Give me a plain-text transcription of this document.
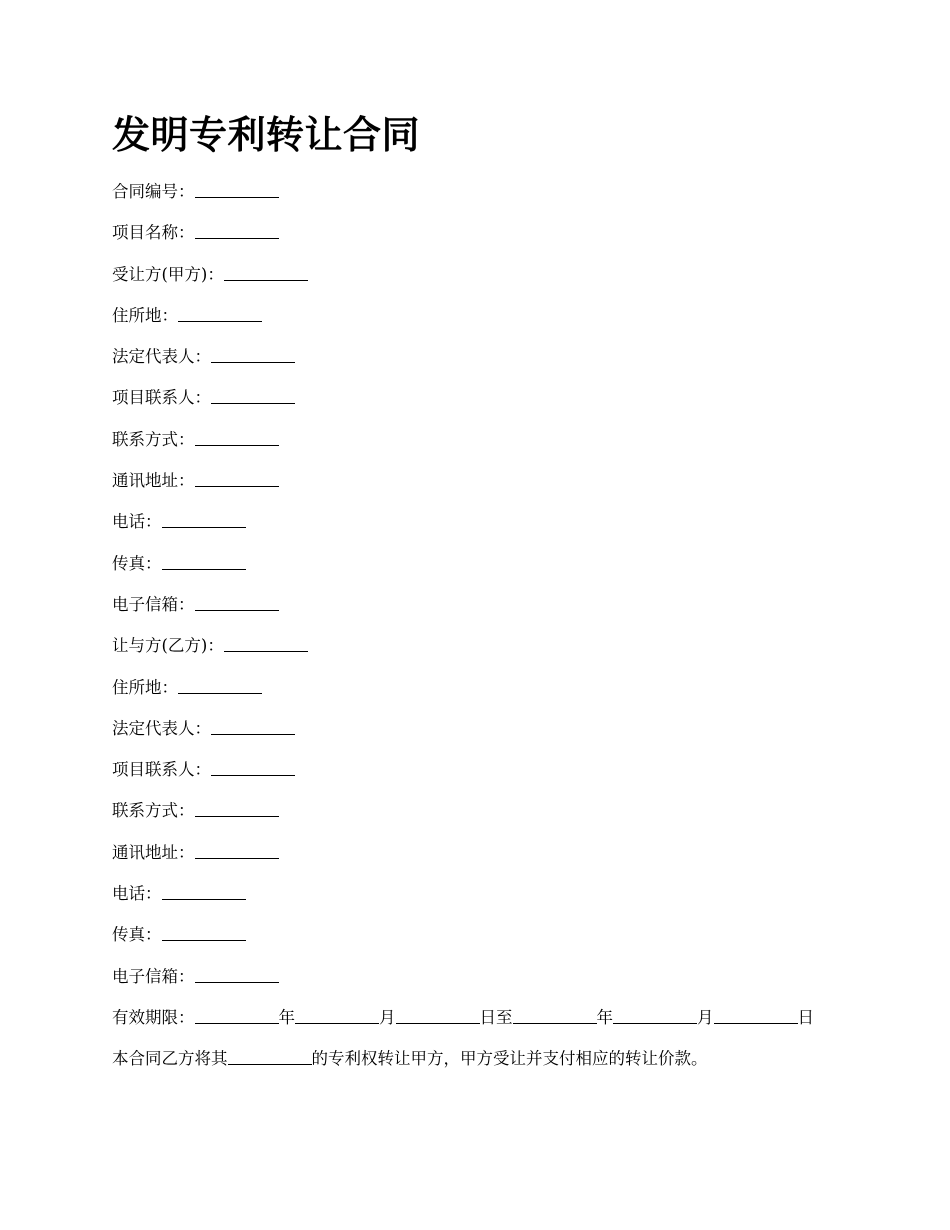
发明专利转让合同
合同编号：
项目名称：
受让方(甲方)：
住所地：
法定代表人：
项目联系人：
联系方式：
通讯地址：
电话：
传真：
电子信箱：
让与方(乙方)：
住所地：
法定代表人：
项目联系人：
联系方式：
通讯地址：
电话：
传真：
电子信箱：
有效期限：	年	月	日至	年	月	日
本合同乙方将其	的专利权转让甲方，甲方受让并支付相应的转让价款。
